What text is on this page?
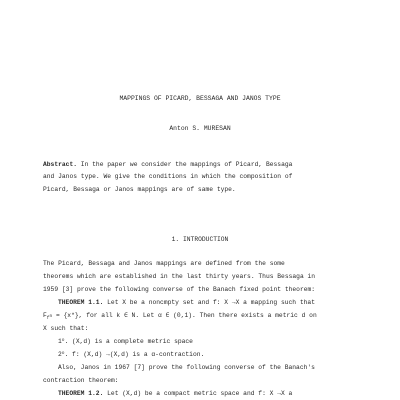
MAPPINGS OF PICARD, BESSAGA AND JANOS TYPE
Anton S. MURESAN
Abstract. In the paper we consider the mappings of Picard, Bessaga
and Janos type. We give the conditions in which the composition of
Picard, Bessaga or Janos mappings are of same type.
1. INTRODUCTION
The Picard, Bessaga and Janos mappings are defined from the some
theorems which are established in the last thirty years. Thus Bessaga in
1959 [3] prove the following converse of the Banach fixed point theorem:
THEOREM 1.1. Let X be a noncmpty set and f: X →X a mapping such that
$F_{f^n} = \{x*\}$, for all k ∈ N. Let α ∈ (0,1). Then there exists a metric d on
X such that:
1$^o$. (X,d) is a complete metric space
2$^o$. f: (X,d) →(X,d) is a α-contraction.
Also, Janos in 1967 [7] prove the following converse of the Banach's
contraction theorem:
THEOREM 1.2. Let (X,d) be a compact metric space and f: X →X a
